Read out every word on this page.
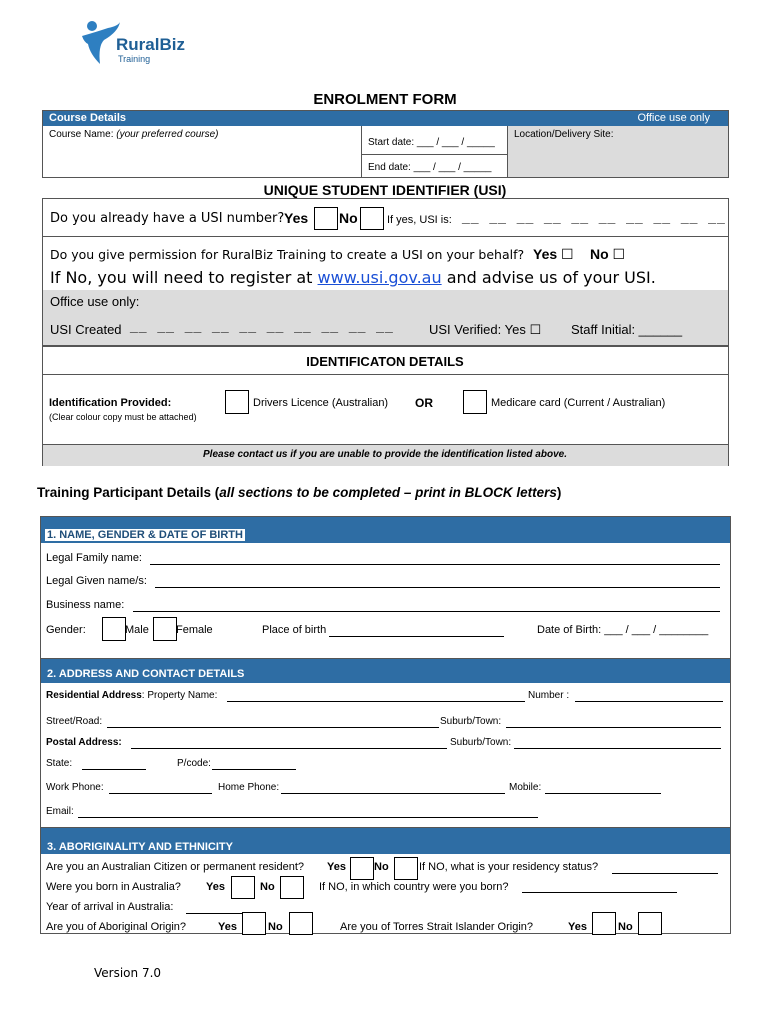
RuralBiz
Training
ENROLMENT FORM
Course Details	Office use only
Course Name: (your preferred course)
Start date: ___ / ___ / _____
End date: ___ / ___ / _____
Location/Delivery Site:
UNIQUE STUDENT IDENTIFIER (USI)
Do you already have a USI number? Yes No	If yes, USI is: __  __  __  __  __  __  __  __  __  __
Do you give permission for RuralBiz Training to create a USI on your behalf? Yes ☐ No ☐
If No, you will need to register at www.usi.gov.au and advise us of your USI.
Office use only:
USI Created __  __  __  __  __  __  __  __  __  __	USI Verified: Yes ☐ Staff Initial: ______
IDENTIFICATON DETAILS
Identification Provided:
(Clear colour copy must be attached)
Drivers Licence (Australian) OR	Medicare card (Current / Australian)
Please contact us if you are unable to provide the identification listed above.
Training Participant Details (all sections to be completed – print in BLOCK letters)
1. NAME, GENDER & DATE OF BIRTH
Legal Family name:
Legal Given name/s:
Business name:
Gender:	Male Female	Place of birth	Date of Birth: ___ / ___ / ________
2. ADDRESS AND CONTACT DETAILS
Residential Address: Property Name:	Number :
Street/Road:	Suburb/Town:
Postal Address:	Suburb/Town:
State:	P/code:
Work Phone:	Home Phone:	Mobile:
Email:
3. ABORIGINALITY AND ETHNICITY
Are you an Australian Citizen or permanent resident? Yes	No	If NO, what is your residency status?
Were you born in Australia? Yes	No	If NO, in which country were you born?
Year of arrival in Australia:
Are you of Aboriginal Origin?	Yes	No	Are you of Torres Strait Islander Origin?	Yes	No
Version 7.0
